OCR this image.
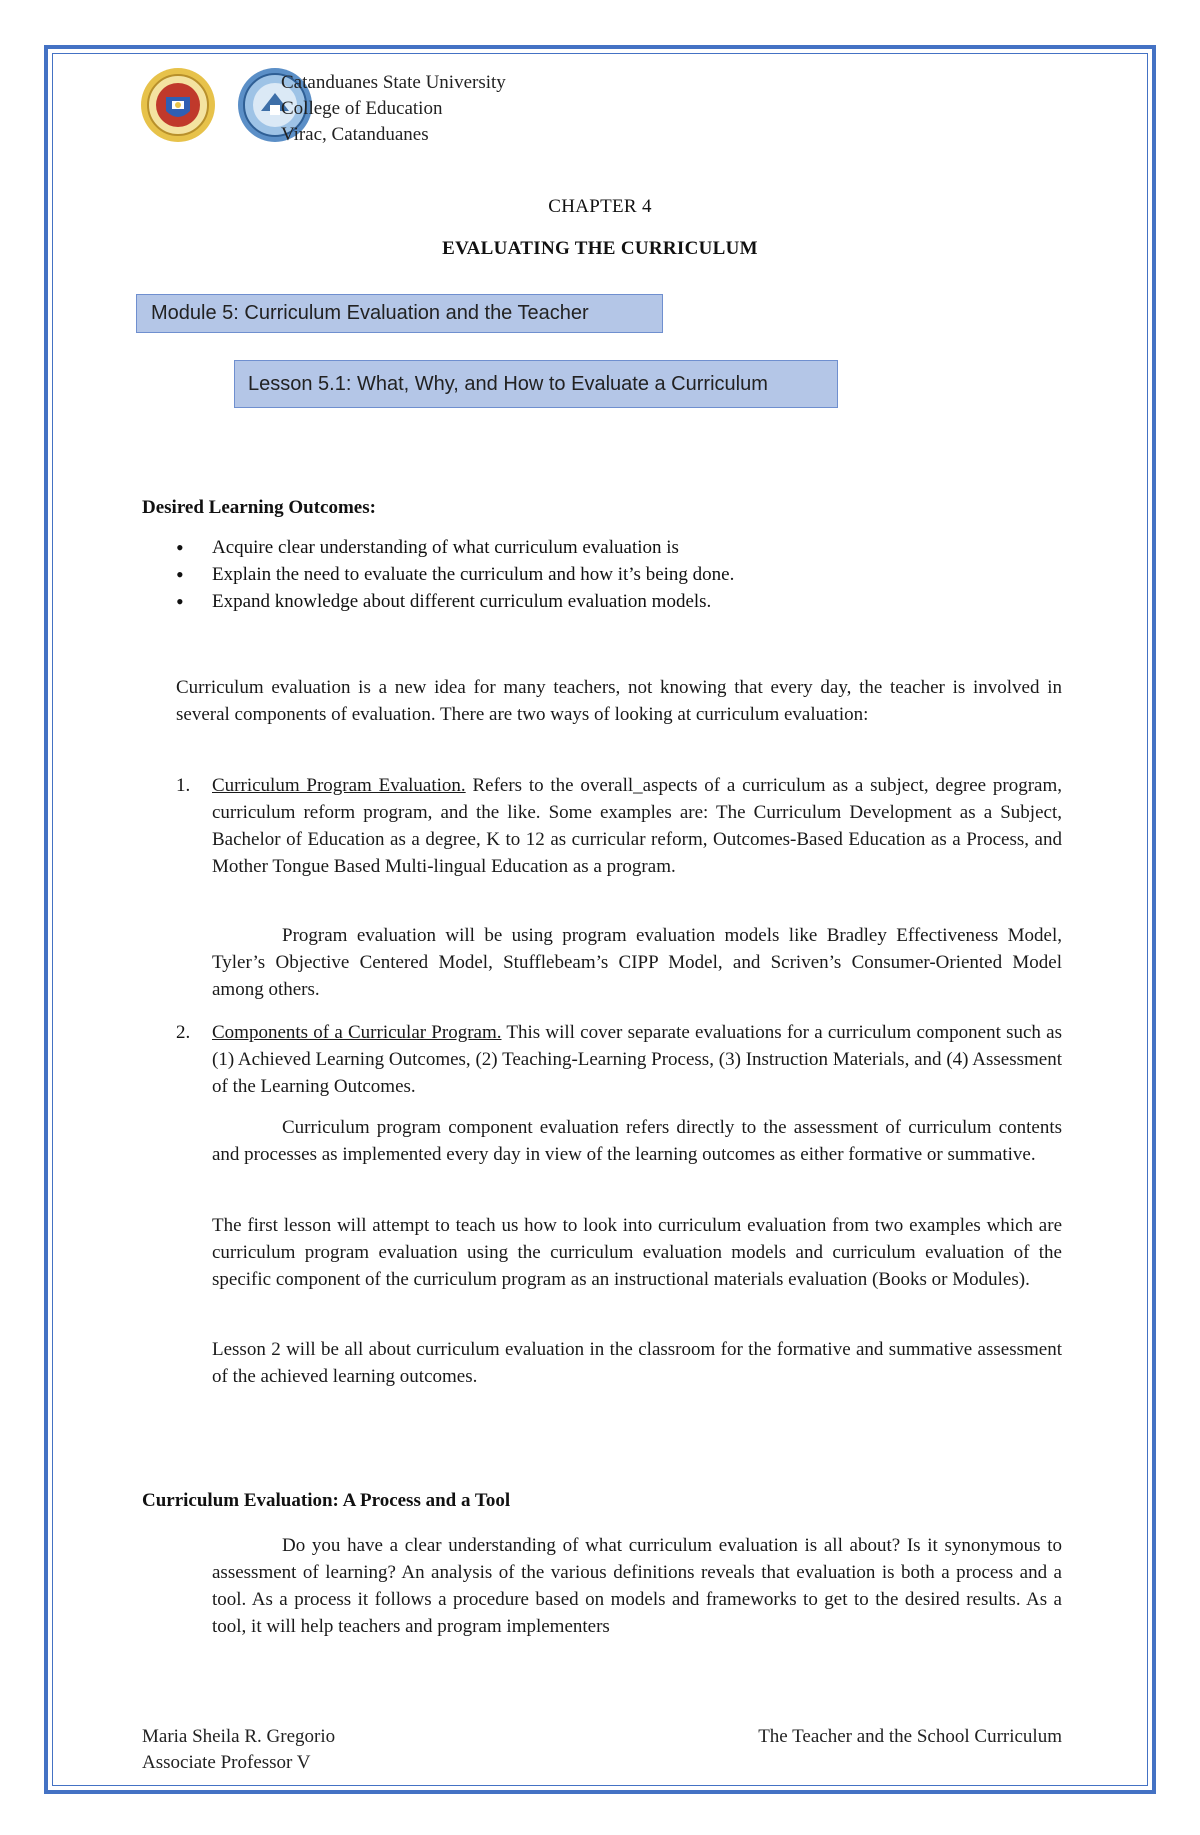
Catanduanes State University
College of Education
Virac, Catanduanes
CHAPTER 4
EVALUATING THE CURRICULUM
Module 5: Curriculum Evaluation and the Teacher
Lesson 5.1: What, Why, and How to Evaluate a Curriculum
Desired Learning Outcomes:
• Acquire clear understanding of what curriculum evaluation is
• Explain the need to evaluate the curriculum and how it’s being done.
• Expand knowledge about different curriculum evaluation models.
Curriculum evaluation is a new idea for many teachers, not knowing that every day, the teacher is involved in several components of evaluation. There are two ways of looking at curriculum evaluation:
1. Curriculum Program Evaluation. Refers to the overall_aspects of a curriculum as a subject, degree program, curriculum reform program, and the like. Some examples are: The Curriculum Development as a Subject, Bachelor of Education as a degree, K to 12 as curricular reform, Outcomes-Based Education as a Process, and Mother Tongue Based Multi-lingual Education as a program.
Program evaluation will be using program evaluation models like Bradley Effectiveness Model, Tyler’s Objective Centered Model, Stufflebeam’s CIPP Model, and Scriven’s Consumer-Oriented Model among others.
2. Components of a Curricular Program. This will cover separate evaluations for a curriculum component such as (1) Achieved Learning Outcomes, (2) Teaching-Learning Process, (3) Instruction Materials, and (4) Assessment of the Learning Outcomes.
Curriculum program component evaluation refers directly to the assessment of curriculum contents and processes as implemented every day in view of the learning outcomes as either formative or summative.
The first lesson will attempt to teach us how to look into curriculum evaluation from two examples which are curriculum program evaluation using the curriculum evaluation models and curriculum evaluation of the specific component of the curriculum program as an instructional materials evaluation (Books or Modules).
Lesson 2 will be all about curriculum evaluation in the classroom for the formative and summative assessment of the achieved learning outcomes.
Curriculum Evaluation: A Process and a Tool
Do you have a clear understanding of what curriculum evaluation is all about? Is it synonymous to assessment of learning? An analysis of the various definitions reveals that evaluation is both a process and a tool. As a process it follows a procedure based on models and frameworks to get to the desired results. As a tool, it will help teachers and program implementers
Maria Sheila R. Gregorio
Associate Professor V
The Teacher and the School Curriculum
